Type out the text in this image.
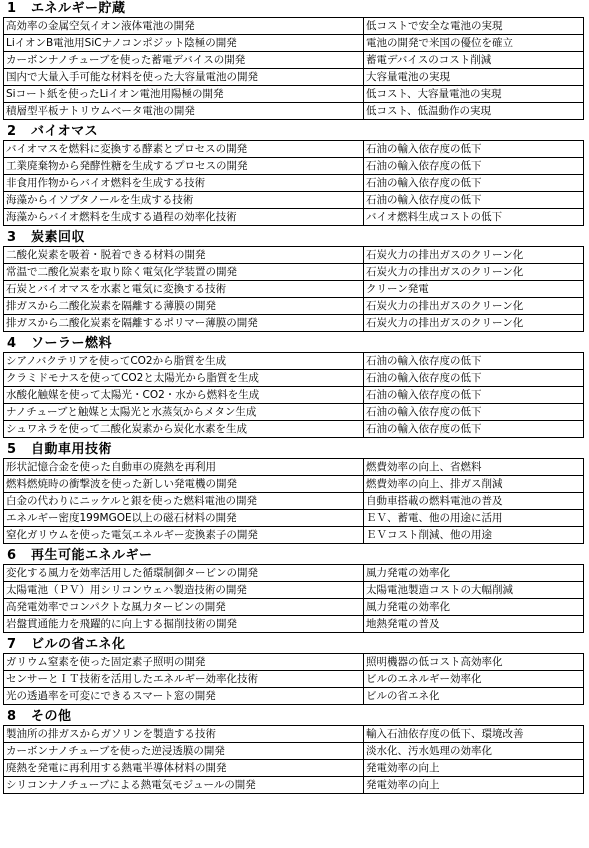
1 エネルギー貯蔵
高効率の金属空気イオン液体電池の開発	低コストで安全な電池の実現
LiイオンB電池用SiCナノコンポジット陰極の開発	電池の開発で米国の優位を確立
カーボンナノチューブを使った蓄電デバイスの開発	蓄電デバイスのコスト削減
国内で大量入手可能な材料を使った大容量電池の開発	大容量電池の実現
Siコート紙を使ったLiイオン電池用陽極の開発	低コスト、大容量電池の実現
積層型平板ナトリウムベータ電池の開発	低コスト、低温動作の実現
2 バイオマス
バイオマスを燃料に変換する酵素とプロセスの開発	石油の輸入依存度の低下
工業廃棄物から発酵性糖を生成するプロセスの開発	石油の輸入依存度の低下
非食用作物からバイオ燃料を生成する技術	石油の輸入依存度の低下
海藻からイソブタノールを生成する技術	石油の輸入依存度の低下
海藻からバイオ燃料を生成する過程の効率化技術	バイオ燃料生成コストの低下
3 炭素回収
二酸化炭素を吸着・脱着できる材料の開発	石炭火力の排出ガスのクリーン化
常温で二酸化炭素を取り除く電気化学装置の開発	石炭火力の排出ガスのクリーン化
石炭とバイオマスを水素と電気に変換する技術	クリーン発電
排ガスから二酸化炭素を隔離する薄膜の開発	石炭火力の排出ガスのクリーン化
排ガスから二酸化炭素を隔離するポリマー薄膜の開発	石炭火力の排出ガスのクリーン化
4 ソーラー燃料
シアノバクテリアを使ってCO2から脂質を生成	石油の輸入依存度の低下
クラミドモナスを使ってCO2と太陽光から脂質を生成	石油の輸入依存度の低下
水酸化触媒を使って太陽光・CO2・水から燃料を生成	石油の輸入依存度の低下
ナノチューブと触媒と太陽光と水蒸気からメタン生成	石油の輸入依存度の低下
シュワネラを使って二酸化炭素から炭化水素を生成	石油の輸入依存度の低下
5 自動車用技術
形状記憶合金を使った自動車の廃熱を再利用	燃費効率の向上、省燃料
燃料燃焼時の衝撃波を使った新しい発電機の開発	燃費効率の向上、排ガス削減
白金の代わりにニッケルと銀を使った燃料電池の開発	自動車搭載の燃料電池の普及
エネルギー密度199MGOE以上の磁石材料の開発	ＥＶ、蓄電、他の用途に活用
窒化ガリウムを使った電気エネルギー変換素子の開発	ＥＶコスト削減、他の用途
6 再生可能エネルギー
変化する風力を効率活用した循環制御タービンの開発	風力発電の効率化
太陽電池（ＰＶ）用シリコンウェハ製造技術の開発	太陽電池製造コストの大幅削減
高発電効率でコンパクトな風力タービンの開発	風力発電の効率化
岩盤貫通能力を飛躍的に向上する掘削技術の開発	地熱発電の普及
7 ビルの省エネ化
ガリウム窒素を使った固定素子照明の開発	照明機器の低コスト高効率化
センサーとＩＴ技術を活用したエネルギー効率化技術	ビルのエネルギー効率化
光の透過率を可変にできるスマート窓の開発	ビルの省エネ化
8 その他
製油所の排ガスからガソリンを製造する技術	輸入石油依存度の低下、環境改善
カーボンナノチューブを使った逆浸透膜の開発	淡水化、汚水処理の効率化
廃熱を発電に再利用する熱電半導体材料の開発	発電効率の向上
シリコンナノチューブによる熱電気モジュールの開発	発電効率の向上
